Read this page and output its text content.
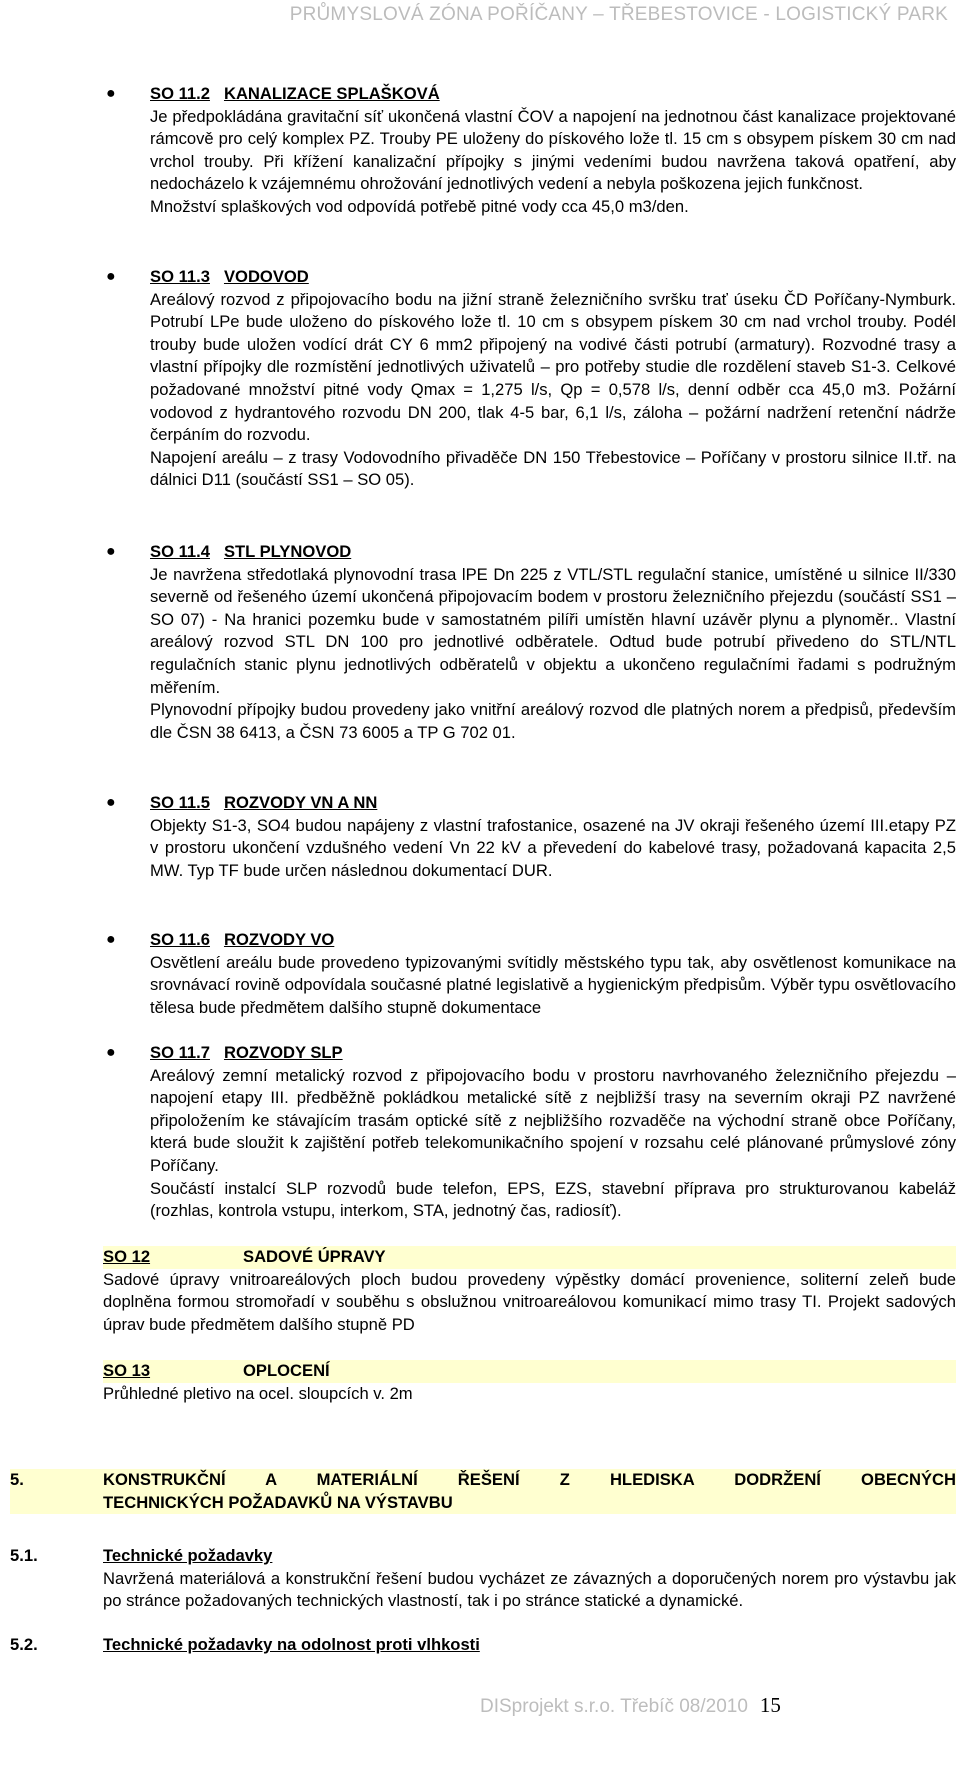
PRŮMYSLOVÁ ZÓNA POŘÍČANY – TŘEBESTOVICE - LOGISTICKÝ PARK
● SO 11.2 KANALIZACE SPLAŠKOVÁ
Je předpokládána gravitační síť ukončená vlastní ČOV a napojení na jednotnou část kanalizace projektované rámcově pro celý komplex PZ. Trouby PE uloženy do pískového lože tl. 15 cm s obsypem pískem 30 cm nad vrchol trouby. Při křížení kanalizační přípojky s jinými vedeními budou navržena taková opatření, aby nedocházelo k vzájemnému ohrožování jednotlivých vedení a nebyla poškozena jejich funkčnost.
Množství splaškových vod odpovídá potřebě pitné vody cca 45,0 m3/den.
● SO 11.3 VODOVOD
Areálový rozvod z připojovacího bodu na jižní straně železničního svršku trať úseku ČD Poříčany-Nymburk. Potrubí LPe bude uloženo do pískového lože tl. 10 cm s obsypem pískem 30 cm nad vrchol trouby. Podél trouby bude uložen vodící drát CY 6 mm2 připojený na vodivé části potrubí (armatury). Rozvodné trasy a vlastní přípojky dle rozmístění jednotlivých uživatelů – pro potřeby studie dle rozdělení staveb S1-3. Celkové požadované množství pitné vody Qmax = 1,275 l/s, Qp = 0,578 l/s, denní odběr cca 45,0 m3. Požární vodovod z hydrantového rozvodu DN 200, tlak 4-5 bar, 6,1 l/s, záloha – požární nadržení retenční nádrže čerpáním do rozvodu.
Napojení areálu – z trasy Vodovodního přivaděče DN 150 Třebestovice – Poříčany v prostoru silnice II.tř. na dálnici D11 (součástí SS1 – SO 05).
● SO 11.4 STL PLYNOVOD
Je navržena středotlaká plynovodní trasa lPE Dn 225 z VTL/STL regulační stanice, umístěné u silnice II/330 severně od řešeného území ukončená připojovacím bodem v prostoru železničního přejezdu (součástí SS1 – SO 07) - Na hranici pozemku bude v samostatném pilíři umístěn hlavní uzávěr plynu a plynoměr.. Vlastní areálový rozvod STL DN 100 pro jednotlivé odběratele. Odtud bude potrubí přivedeno do STL/NTL regulačních stanic plynu jednotlivých odběratelů v objektu a ukončeno regulačními řadami s podružným měřením.
Plynovodní přípojky budou provedeny jako vnitřní areálový rozvod dle platných norem a předpisů, především dle ČSN 38 6413, a ČSN 73 6005 a TP G 702 01.
● SO 11.5 ROZVODY VN A NN
Objekty S1-3, SO4 budou napájeny z vlastní trafostanice, osazené na JV okraji řešeného území III.etapy PZ v prostoru ukončení vzdušného vedení Vn 22 kV a převedení do kabelové trasy, požadovaná kapacita 2,5 MW. Typ TF bude určen následnou dokumentací DUR.
● SO 11.6 ROZVODY VO
Osvětlení areálu bude provedeno typizovanými svítidly městského typu tak, aby osvětlenost komunikace na srovnávací rovině odpovídala současné platné legislativě a hygienickým předpisům. Výběr typu osvětlovacího tělesa bude předmětem dalšího stupně dokumentace
● SO 11.7 ROZVODY SLP
Areálový zemní metalický rozvod z připojovacího bodu v prostoru navrhovaného železničního přejezdu – napojení etapy III. předběžně pokládkou metalické sítě z nejbližší trasy na severním okraji PZ navržené připoložením ke stávajícím trasám optické sítě z nejbližšího rozvaděče na východní straně obce Poříčany, která bude sloužit k zajištění potřeb telekomunikačního spojení v rozsahu celé plánované průmyslové zóny Poříčany.
Součástí instalcí SLP rozvodů bude telefon, EPS, EZS, stavební příprava pro strukturovanou kabeláž (rozhlas, kontrola vstupu, interkom, STA, jednotný čas, radiosíť).
SO 12	SADOVÉ ÚPRAVY
Sadové úpravy vnitroareálových ploch budou provedeny výpěstky domácí provenience, soliterní zeleň bude doplněna formou stromořadí v souběhu s obslužnou vnitroareálovou komunikací mimo trasy TI. Projekt sadových úprav bude předmětem dalšího stupně PD
SO 13	OPLOCENÍ
Průhledné pletivo na ocel. sloupcích v. 2m
5.	KONSTRUKČNÍ A MATERIÁLNÍ ŘEŠENÍ Z HLEDISKA DODRŽENÍ OBECNÝCH
TECHNICKÝCH POŽADAVKŮ NA VÝSTAVBU
5.1.	Technické požadavky
Navržená materiálová a konstrukční řešení budou vycházet ze závazných a doporučených norem pro výstavbu jak po stránce požadovaných technických vlastností, tak i po stránce statické a dynamické.
5.2.	Technické požadavky na odolnost proti vlhkosti
DISprojekt s.r.o. Třebíč 08/2010 15
